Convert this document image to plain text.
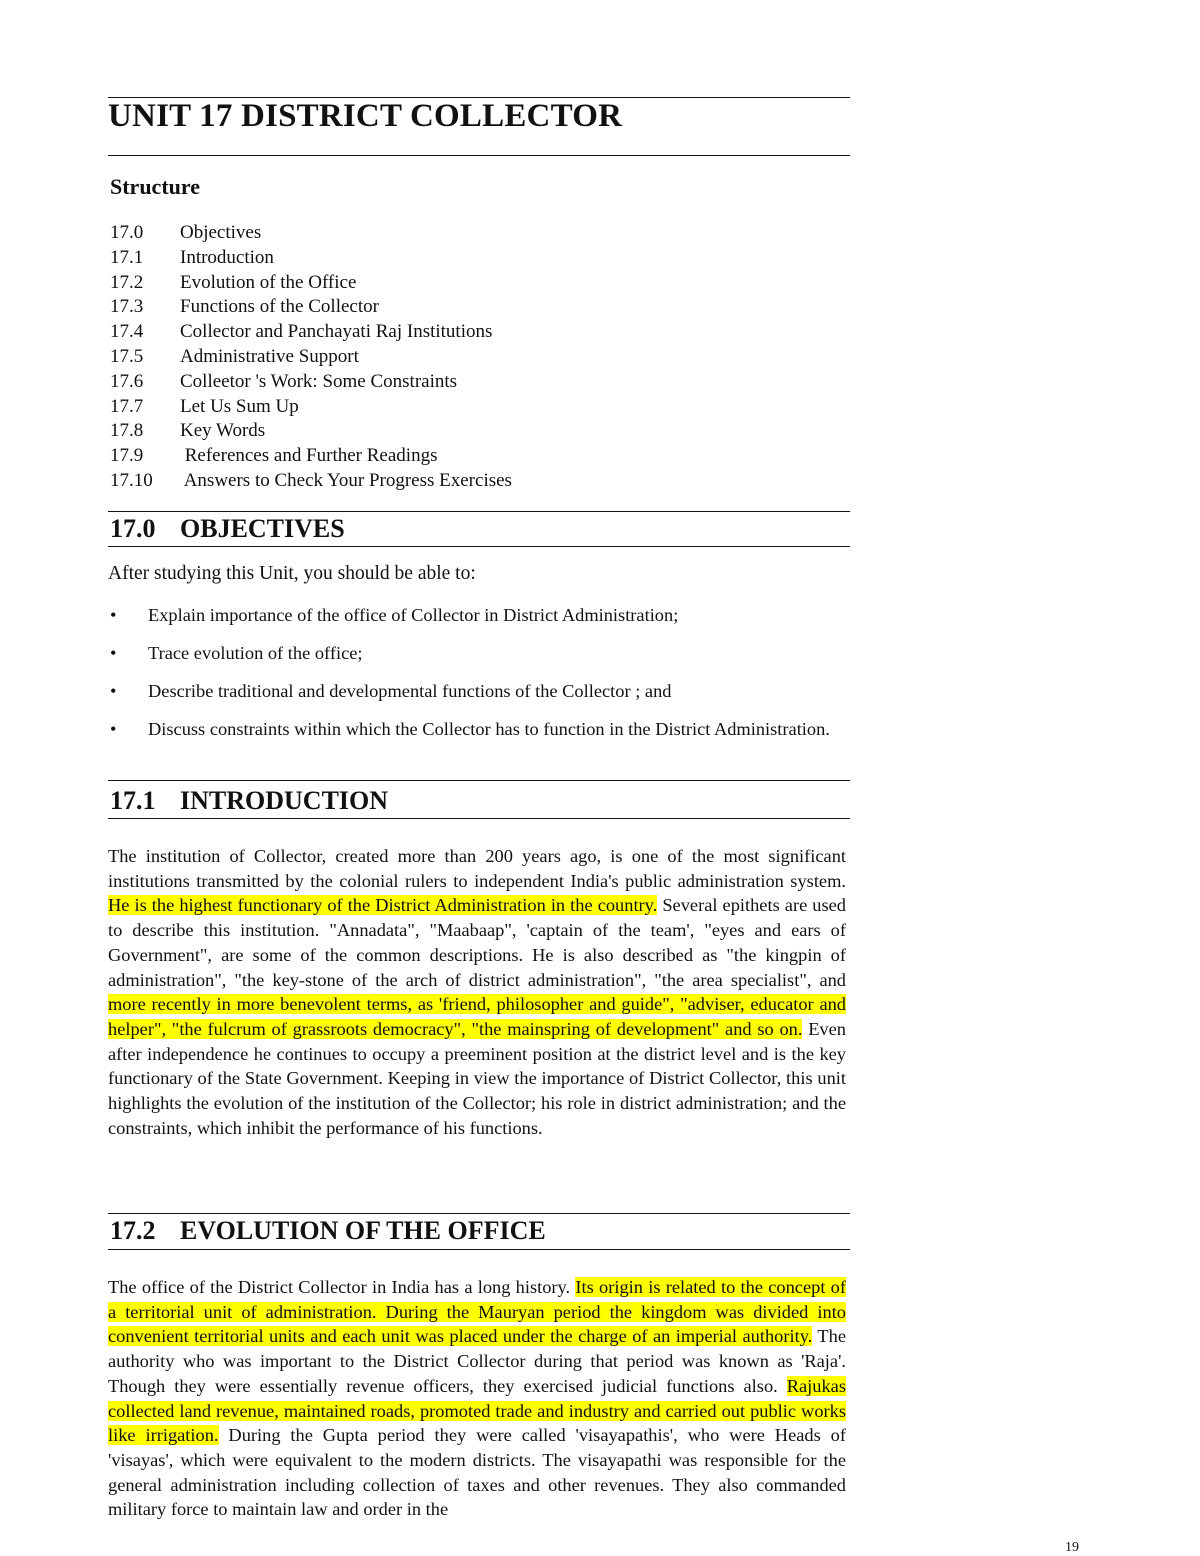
UNIT 17 DISTRICT COLLECTOR
Structure
17.0 Objectives
17.1 Introduction
17.2 Evolution of the Office
17.3 Functions of the Collector
17.4 Collector and Panchayati Raj Institutions
17.5 Administrative Support
17.6 Colleetor 's Work: Some Constraints
17.7 Let Us Sum Up
17.8 Key Words
17.9 References and Further Readings
17.10 Answers to Check Your Progress Exercises
17.0 OBJECTIVES
After studying this Unit, you should be able to:
• Explain importance of the office of Collector in District Administration;
• Trace evolution of the office;
• Describe traditional and developmental functions of the Collector ; and
• Discuss constraints within which the Collector has to function in the District Administration.
17.1 INTRODUCTION
The institution of Collector, created more than 200 years ago, is one of the most significant institutions transmitted by the colonial rulers to independent India's public administration system. He is the highest functionary of the District Administration in the country. Several epithets are used to describe this institution. "Annadata", "Maabaap", 'captain of the team', "eyes and ears of Government", are some of the common descriptions. He is also described as "the kingpin of administration", "the key-stone of the arch of district administration", "the area specialist", and more recently in more benevolent terms, as 'friend, philosopher and guide", "adviser, educator and helper", "the fulcrum of grassroots democracy", "the mainspring of development" and so on. Even after independence he continues to occupy a preeminent position at the district level and is the key functionary of the State Government. Keeping in view the importance of District Collector, this unit highlights the evolution of the institution of the Collector; his role in district administration; and the constraints, which inhibit the performance of his functions.
17.2 EVOLUTION OF THE OFFICE
The office of the District Collector in India has a long history. Its origin is related to the concept of a territorial unit of administration. During the Mauryan period the kingdom was divided into convenient territorial units and each unit was placed under the charge of an imperial authority. The authority who was important to the District Collector during that period was known as 'Raja'. Though they were essentially revenue officers, they exercised judicial functions also. Rajukas collected land revenue, maintained roads, promoted trade and industry and carried out public works like irrigation. During the Gupta period they were called 'visayapathis', who were Heads of 'visayas', which were equivalent to the modern districts. The visayapathi was responsible for the general administration including collection of taxes and other revenues. They also commanded military force to maintain law and order in the
19
